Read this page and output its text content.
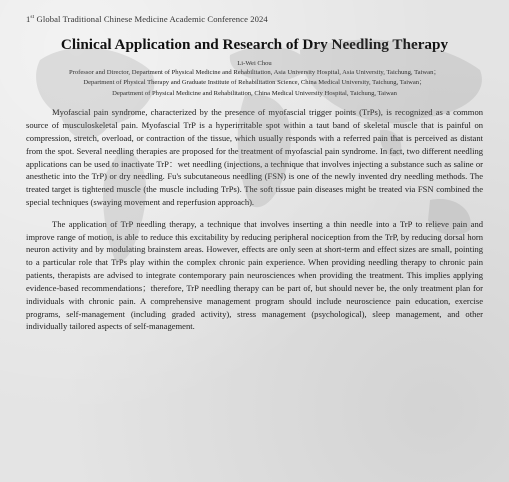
1st Global Traditional Chinese Medicine Academic Conference 2024
Clinical Application and Research of Dry Needling Therapy
Li-Wei Chou
Professor and Director, Department of Physical Medicine and Rehabilitation, Asia University Hospital, Asia University, Taichung, Taiwan；
Department of Physical Therapy and Graduate Institute of Rehabilitation Science, China Medical University, Taichung, Taiwan；
Department of Physical Medicine and Rehabilitation, China Medical University Hospital, Taichung, Taiwan

Myofascial pain syndrome, characterized by the presence of myofascial trigger points (TrPs), is recognized as a common source of musculoskeletal pain. Myofascial TrP is a hyperirritable spot within a taut band of skeletal muscle that is painful on compression, stretch, overload, or contraction of the tissue, which usually responds with a referred pain that is perceived as distant from the spot. Several needling therapies are proposed for the treatment of myofascial pain syndrome. In fact, two different needling applications can be used to inactivate TrP：wet needling (injections, a technique that involves injecting a substance such as saline or anesthetic into the TrP) or dry needling. Fu's subcutaneous needling (FSN) is one of the newly invented dry needling methods. The treated target is tightened muscle (the muscle including TrPs). The soft tissue pain diseases might be treated via FSN combined the special techniques (swaying movement and reperfusion approach).

The application of TrP needling therapy, a technique that involves inserting a thin needle into a TrP to relieve pain and improve range of motion, is able to reduce this excitability by reducing peripheral nociception from the TrP, by reducing dorsal horn neuron activity and by modulating brainstem areas. However, effects are only seen at short-term and effect sizes are small, pointing to a particular role that TrPs play within the complex chronic pain experience. When providing needling therapy to chronic pain patients, therapists are advised to integrate contemporary pain neurosciences when providing the treatment. This implies applying evidence-based recommendations；therefore, TrP needling therapy can be part of, but should never be, the only treatment plan for individuals with chronic pain. A comprehensive management program should include neuroscience pain education, exercise programs, self-management (including graded activity), stress management (psychological), sleep management, and other individually tailored aspects of self-management.
